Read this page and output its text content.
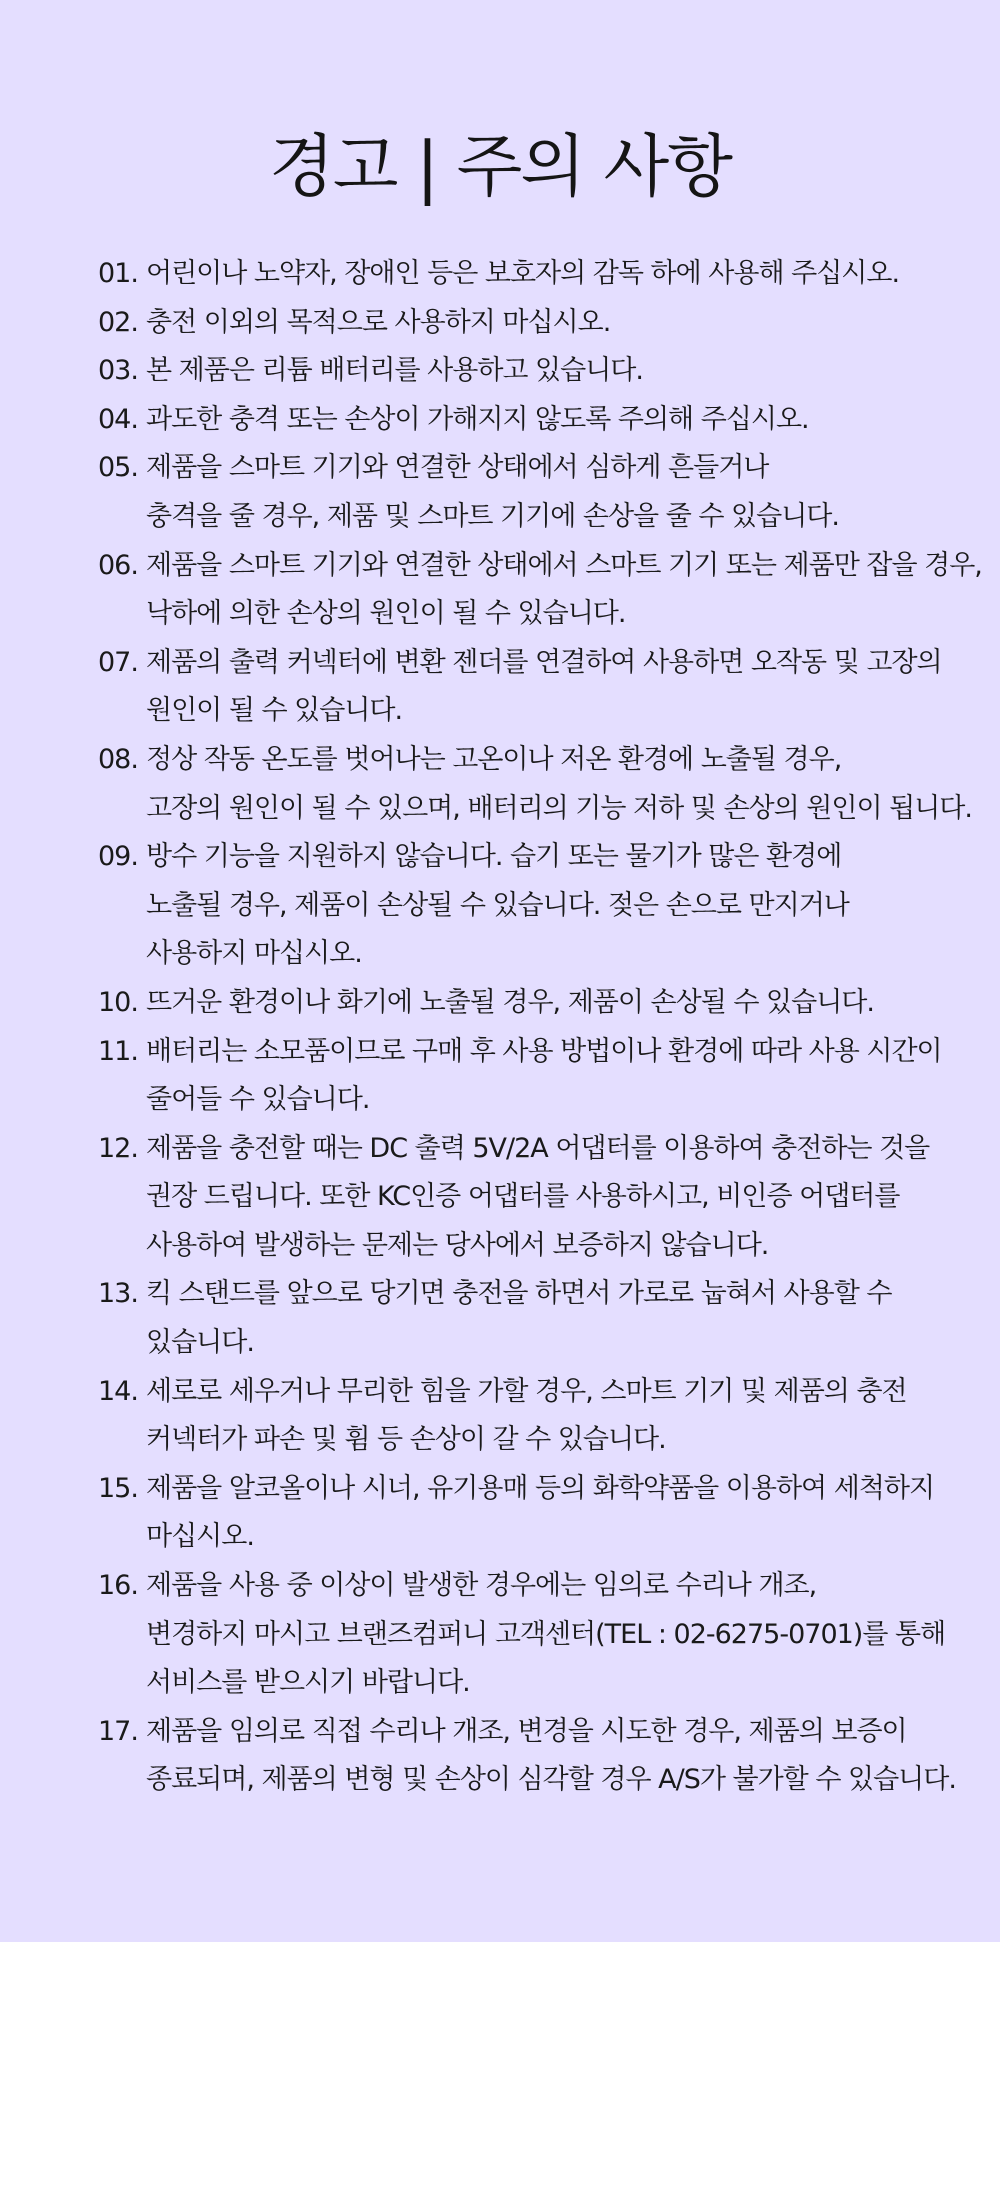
경고 | 주의 사항
01. 어린이나 노약자, 장애인 등은 보호자의 감독 하에 사용해 주십시오.
02. 충전 이외의 목적으로 사용하지 마십시오.
03. 본 제품은 리튬 배터리를 사용하고 있습니다.
04. 과도한 충격 또는 손상이 가해지지 않도록 주의해 주십시오.
05. 제품을 스마트 기기와 연결한 상태에서 심하게 흔들거나
충격을 줄 경우, 제품 및 스마트 기기에 손상을 줄 수 있습니다.
06. 제품을 스마트 기기와 연결한 상태에서 스마트 기기 또는 제품만 잡을 경우,
낙하에 의한 손상의 원인이 될 수 있습니다.
07. 제품의 출력 커넥터에 변환 젠더를 연결하여 사용하면 오작동 및 고장의
원인이 될 수 있습니다.
08. 정상 작동 온도를 벗어나는 고온이나 저온 환경에 노출될 경우,
고장의 원인이 될 수 있으며, 배터리의 기능 저하 및 손상의 원인이 됩니다.
09. 방수 기능을 지원하지 않습니다. 습기 또는 물기가 많은 환경에
노출될 경우, 제품이 손상될 수 있습니다. 젖은 손으로 만지거나
사용하지 마십시오.
10. 뜨거운 환경이나 화기에 노출될 경우, 제품이 손상될 수 있습니다.
11. 배터리는 소모품이므로 구매 후 사용 방법이나 환경에 따라 사용 시간이
줄어들 수 있습니다.
12. 제품을 충전할 때는 DC 출력 5V/2A 어댑터를 이용하여 충전하는 것을
권장 드립니다. 또한 KC인증 어댑터를 사용하시고, 비인증 어댑터를
사용하여 발생하는 문제는 당사에서 보증하지 않습니다.
13. 킥 스탠드를 앞으로 당기면 충전을 하면서 가로로 눕혀서 사용할 수
있습니다.
14. 세로로 세우거나 무리한 힘을 가할 경우, 스마트 기기 및 제품의 충전
커넥터가 파손 및 휨 등 손상이 갈 수 있습니다.
15. 제품을 알코올이나 시너, 유기용매 등의 화학약품을 이용하여 세척하지
마십시오.
16. 제품을 사용 중 이상이 발생한 경우에는 임의로 수리나 개조,
변경하지 마시고 브랜즈컴퍼니 고객센터(TEL : 02-6275-0701)를 통해
서비스를 받으시기 바랍니다.
17. 제품을 임의로 직접 수리나 개조, 변경을 시도한 경우, 제품의 보증이
종료되며, 제품의 변형 및 손상이 심각할 경우 A/S가 불가할 수 있습니다.
